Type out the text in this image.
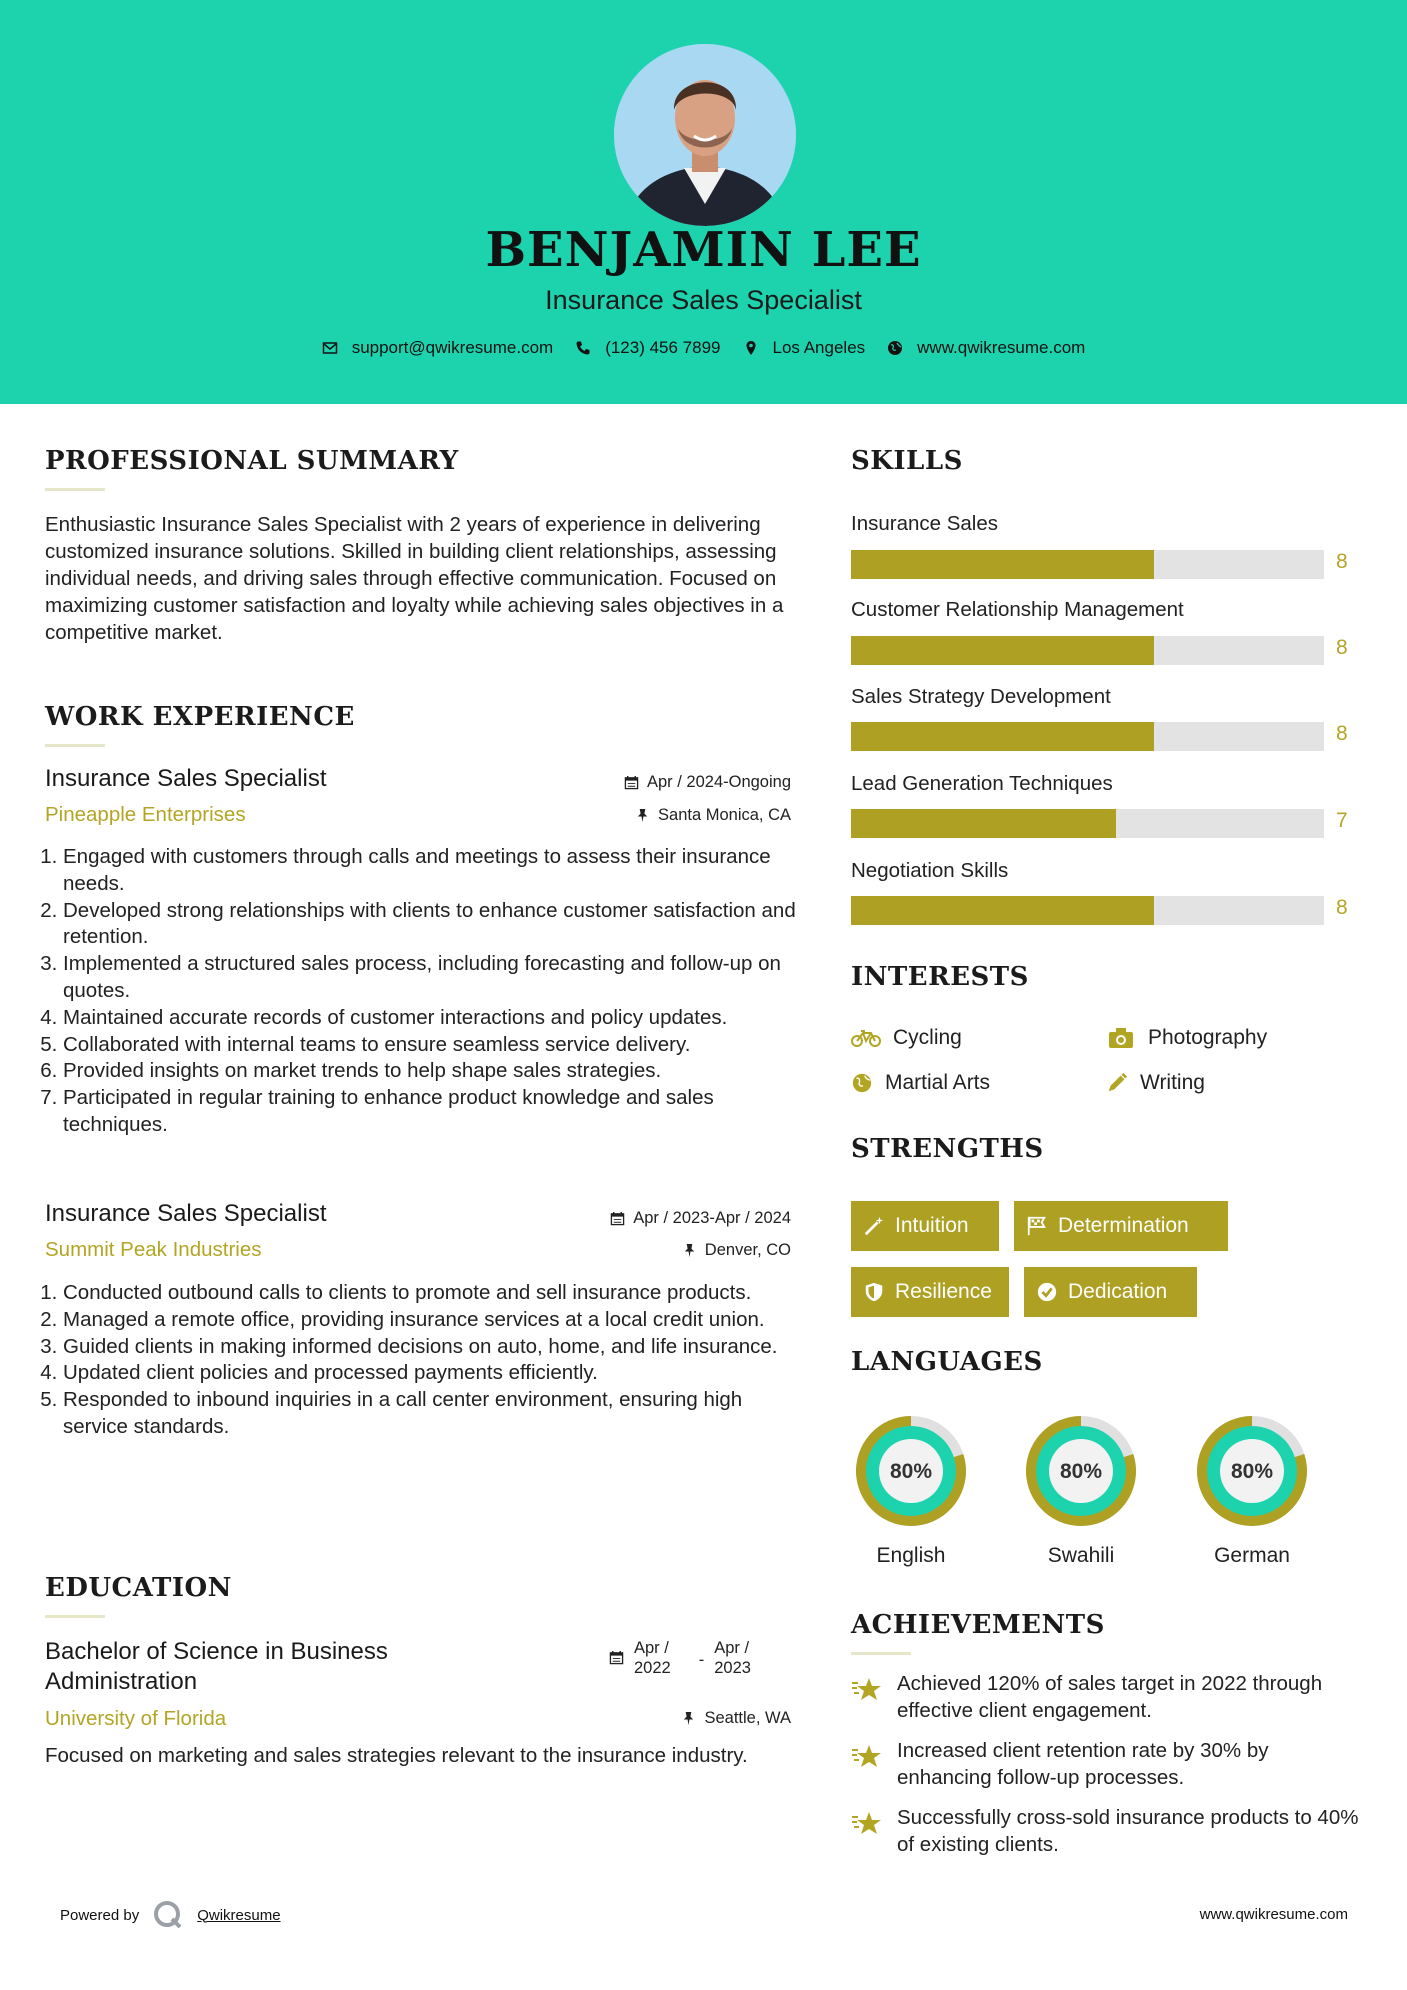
BENJAMIN LEE
Insurance Sales Specialist
support@qwikresume.com	(123) 456 7899	Los Angeles	www.qwikresume.com
PROFESSIONAL SUMMARY
Enthusiastic Insurance Sales Specialist with 2 years of experience in delivering customized insurance solutions. Skilled in building client relationships, assessing individual needs, and driving sales through effective communication. Focused on maximizing customer satisfaction and loyalty while achieving sales objectives in a competitive market.
WORK EXPERIENCE
Insurance Sales Specialist	Apr / 2024-Ongoing
Pineapple Enterprises	Santa Monica, CA
1. Engaged with customers through calls and meetings to assess their insurance needs.
2. Developed strong relationships with clients to enhance customer satisfaction and retention.
3. Implemented a structured sales process, including forecasting and follow-up on quotes.
4. Maintained accurate records of customer interactions and policy updates.
5. Collaborated with internal teams to ensure seamless service delivery.
6. Provided insights on market trends to help shape sales strategies.
7. Participated in regular training to enhance product knowledge and sales techniques.
Insurance Sales Specialist	Apr / 2023-Apr / 2024
Summit Peak Industries	Denver, CO
1. Conducted outbound calls to clients to promote and sell insurance products.
2. Managed a remote office, providing insurance services at a local credit union.
3. Guided clients in making informed decisions on auto, home, and life insurance.
4. Updated client policies and processed payments efficiently.
5. Responded to inbound inquiries in a call center environment, ensuring high service standards.
EDUCATION
Bachelor of Science in Business Administration
Apr /
2022 -
Apr /
2023
University of Florida	Seattle, WA
Focused on marketing and sales strategies relevant to the insurance industry.
SKILLS
Insurance Sales
8
Customer Relationship Management
8
Sales Strategy Development
8
Lead Generation Techniques
7
Negotiation Skills
8
INTERESTS
Cycling	Photography
Martial Arts	Writing
STRENGTHS
Intuition	Determination
Resilience	Dedication
LANGUAGES
80%
English
80%
Swahili
80%
German
ACHIEVEMENTS
Achieved 120% of sales target in 2022 through effective client engagement.
Increased client retention rate by 30% by enhancing follow-up processes.
Successfully cross-sold insurance products to 40% of existing clients.
Powered by	Qwikresume	www.qwikresume.com
